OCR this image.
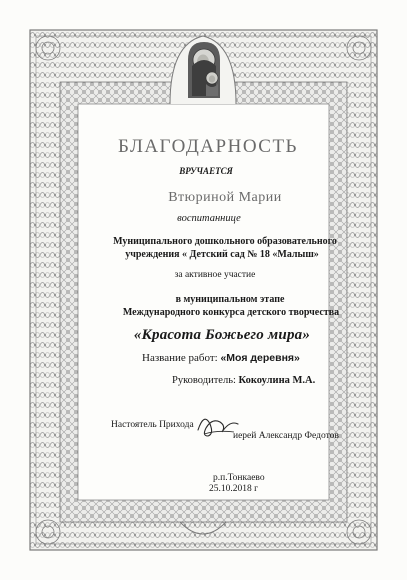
БЛАГОДАРНОСТЬ
ВРУЧАЕТСЯ
Втюриной Марии
воспитаннице
Муниципального дошкольного образовательного
учреждения « Детский сад № 18 «Малыш»
за активное участие
в муниципальном этапе
Международного конкурса детского творчества
«Красота Божьего мира»
Название работ: «Моя деревня»
Руководитель: Кокоулина М.А.
Настоятель Прихода
иерей Александр Федотов
р.п.Тонкаево
25.10.2018 г
